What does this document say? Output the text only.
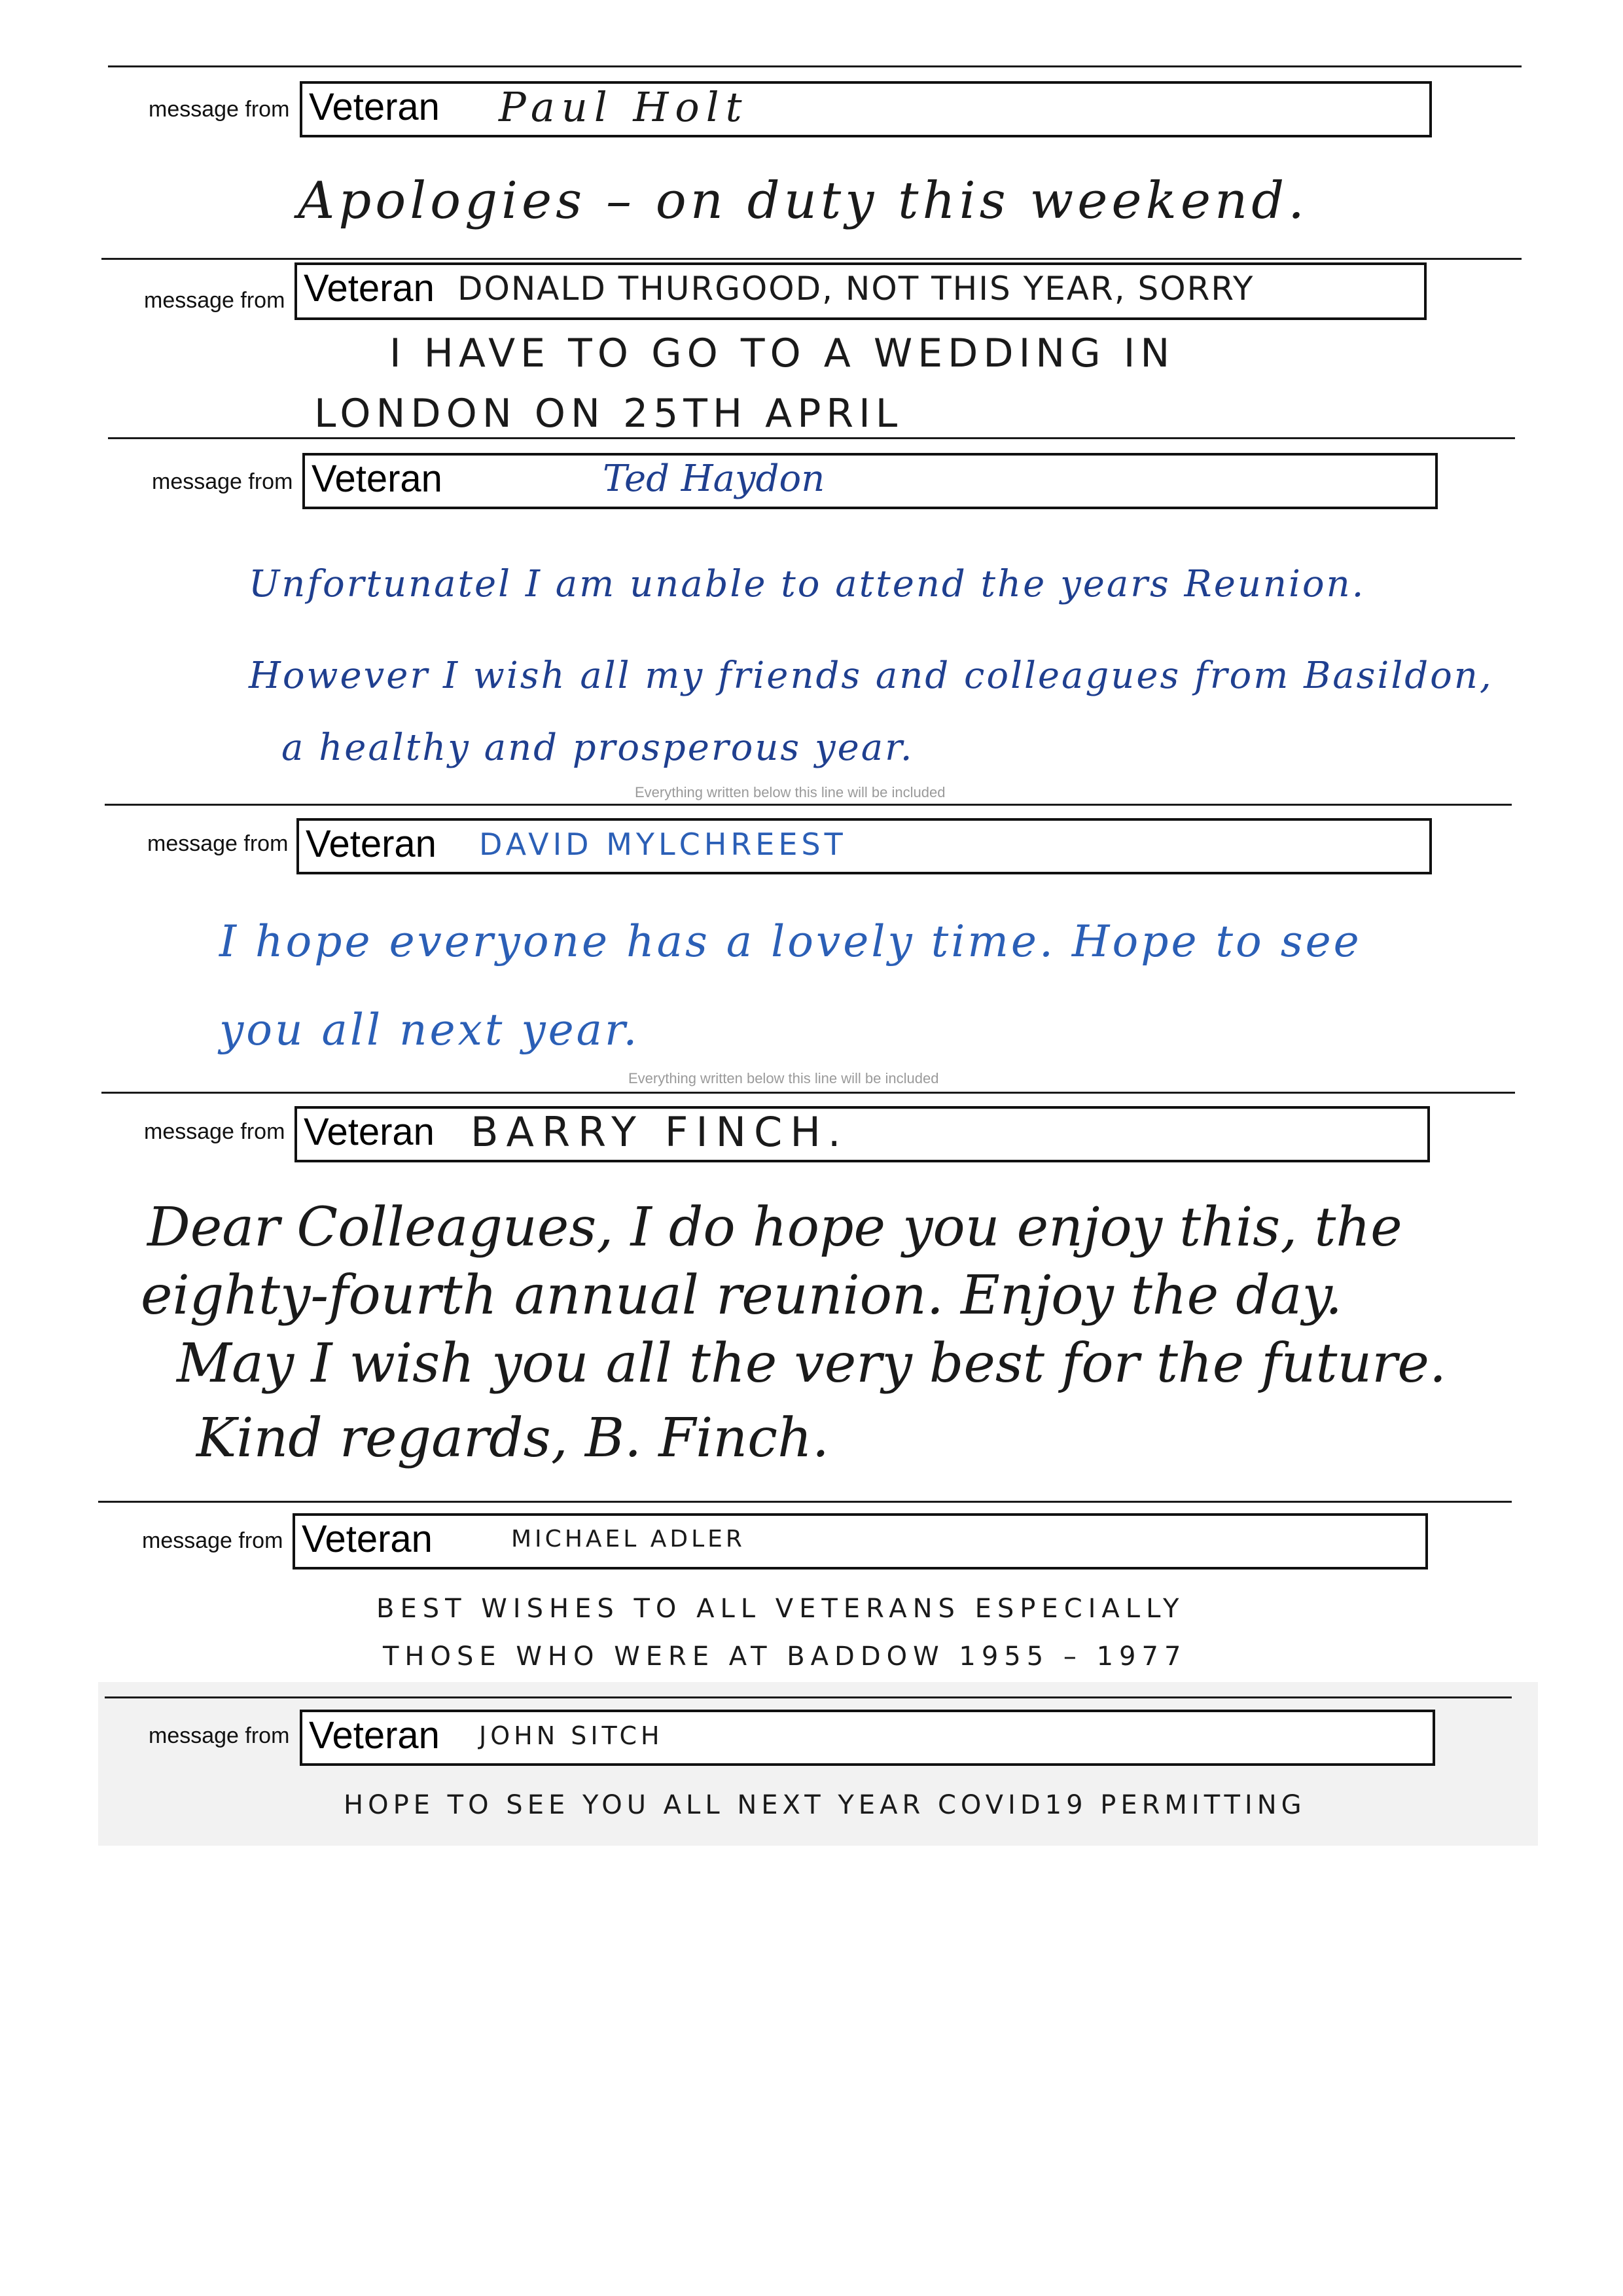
message from Veteran Paul Holt
Apologies – on duty this weekend.
message from Veteran DONALD THURGOOD, NOT THIS YEAR, SORRY
I HAVE TO GO TO A WEDDING IN
LONDON ON 25TH APRIL
message from Veteran	Ted Haydon
Unfortunatel I am unable to attend the years Reunion.
However I wish all my friends and colleagues from Basildon,
a healthy and prosperous year.
Everything written below this line will be included
message from Veteran DAVID MYLCHREEST
I hope everyone has a lovely time. Hope to see
you all next year.
Everything written below this line will be included
message from Veteran BARRY FINCH.
Dear Colleagues, I do hope you enjoy this, the
eighty-fourth annual reunion. Enjoy the day.
May I wish you all the very best for the future.
Kind regards, B. Finch.
message from Veteran	MICHAEL ADLER
BEST WISHES TO ALL VETERANS ESPECIALLY
THOSE WHO WERE AT BADDOW 1955 – 1977
message from Veteran JOHN SITCH
HOPE TO SEE YOU ALL NEXT YEAR COVID19 PERMITTING
